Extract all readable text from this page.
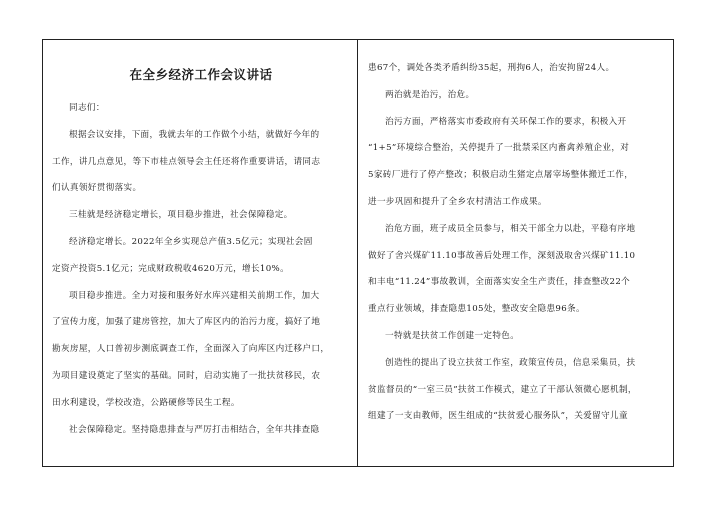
在全乡经济工作会议讲话
同志们：
根据会议安排，下面，我就去年的工作做个小结，就做好今年的
工作，讲几点意见，等下市桂点领导会主任还将作重要讲话，请同志
们认真领好贯彻落实。
三桂就是经济稳定增长，项目稳步推进，社会保障稳定。
经济稳定增长。2022年全乡实现总产值3.5亿元；实现社会固
定资产投资5.1亿元；完成财政税收4620万元，增长10%。
项目稳步推进。全力对接和服务好水库兴建相关前期工作，加大
了宣传力度，加强了建房管控，加大了库区内的治污力度，搞好了地
勘灰房屋，人口普初步测底调查工作，全面深入了向库区内迁移户口，
为项目建设奠定了坚实的基础。同时，启动实施了一批扶贫移民，农
田水利建设，学校改造，公路硬修等民生工程。
社会保障稳定。坚持隐患排查与严厉打击相结合，全年共排查隐
患67个，调处各类矛盾纠纷35起，刑拘6人，治安拘留24人。
两治就是治污，治危。
治污方面，严格落实市委政府有关环保工作的要求，积极入开
“1+5”环境综合整治，关停提升了一批禁采区内畜禽养殖企业，对
5家砖厂进行了停产整改；积极启动生猪定点屠宰场整体搬迁工作，
进一步巩固和提升了全乡农村清洁工作成果。
治危方面，班子成员全员参与，相关干部全力以赴，平稳有序地
做好了舍兴煤矿11.10事故善后处理工作，深刻汲取舍兴煤矿11.10
和丰电“11.24”事故教训，全面落实安全生产责任，排查整改22个
重点行业领域，排查隐患105处，整改安全隐患96条。
一特就是扶贫工作创建一定特色。
创造性的提出了设立扶贫工作室，政策宣传员，信息采集员，扶
贫监督员的“一室三员”扶贫工作模式，建立了干部认领微心愿机制，
组建了一支由教师，医生组成的“扶贫爱心服务队”，关爱留守儿童
